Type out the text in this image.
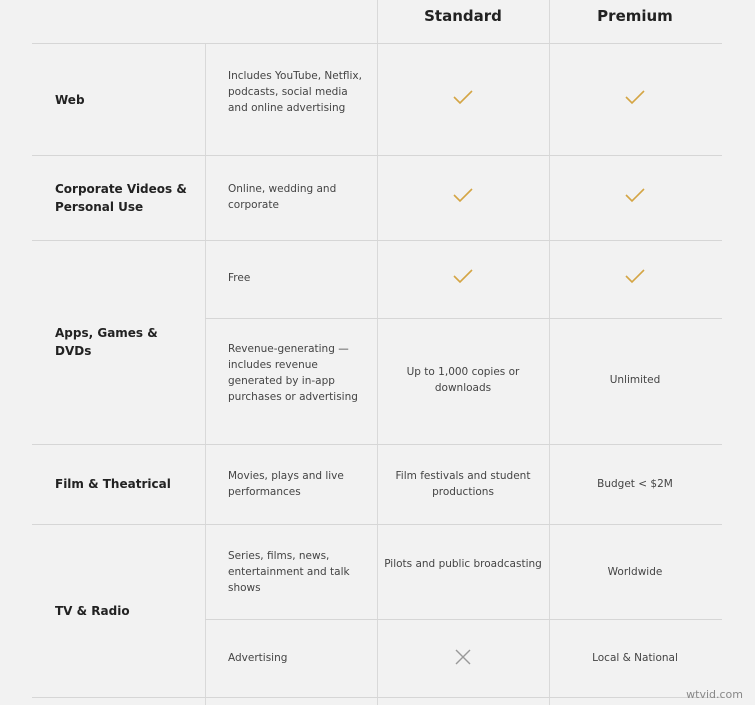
Standard	Premium
Web
Includes YouTube, Netflix, podcasts, social media and online advertising
Corporate Videos & Personal Use
Online, wedding and corporate
Apps, Games & DVDs
Free
Revenue-generating — includes revenue generated by in-app purchases or advertising
Up to 1,000 copies or downloads
Unlimited
Film & Theatrical
Movies, plays and live performances
Film festivals and student productions
Budget < $2M
TV & Radio
Series, films, news, entertainment and talk shows
Pilots and public broadcasting
Worldwide
Advertising	Local & National
wtvid.com
